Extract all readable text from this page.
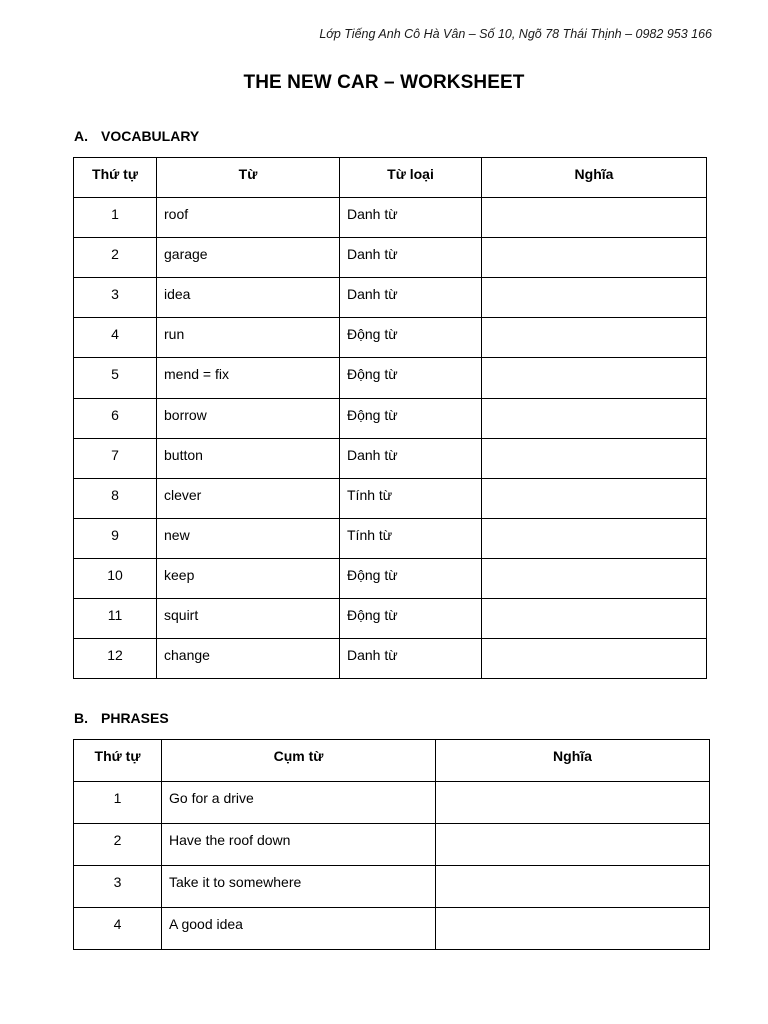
Lớp Tiếng Anh Cô Hà Vân – Số 10, Ngõ 78 Thái Thịnh – 0982 953 166
THE NEW CAR – WORKSHEET
A. VOCABULARY
Thứ tự	Từ	Từ loại	Nghĩa
1	roof	Danh từ	
2	garage	Danh từ	
3	idea	Danh từ	
4	run	Động từ	
5	mend = fix	Động từ	
6	borrow	Động từ	
7	button	Danh từ	
8	clever	Tính từ	
9	new	Tính từ	
10	keep	Động từ	
11	squirt	Động từ	
12	change	Danh từ	
B. PHRASES
Thứ tự	Cụm từ	Nghĩa
1	Go for a drive	
2	Have the roof down	
3	Take it to somewhere	
4	A good idea	
